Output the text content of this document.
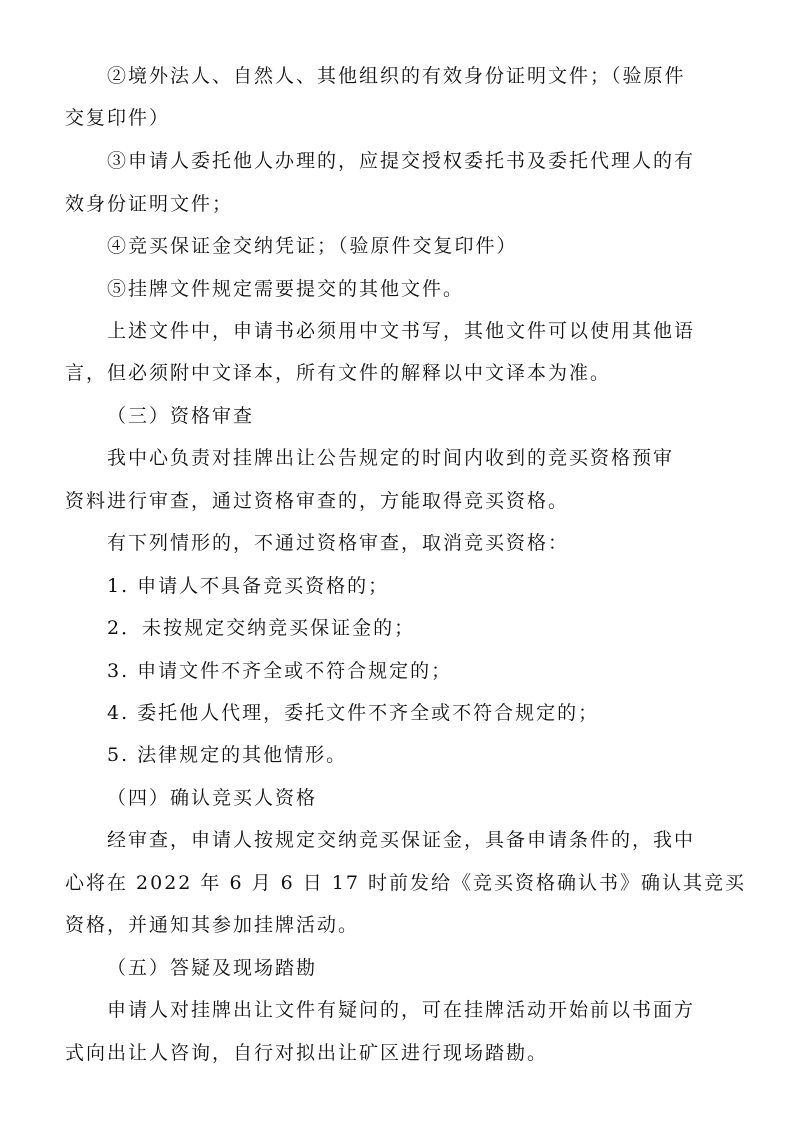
②境外法人、自然人、其他组织的有效身份证明文件；（验原件
交复印件）
③申请人委托他人办理的，应提交授权委托书及委托代理人的有
效身份证明文件；
④竞买保证金交纳凭证；（验原件交复印件）
⑤挂牌文件规定需要提交的其他文件。
上述文件中，申请书必须用中文书写，其他文件可以使用其他语
言，但必须附中文译本，所有文件的解释以中文译本为准。
（三）资格审查
我中心负责对挂牌出让公告规定的时间内收到的竞买资格预审
资料进行审查，通过资格审查的，方能取得竞买资格。
有下列情形的，不通过资格审查，取消竞买资格：
1. 申请人不具备竞买资格的；
2．未按规定交纳竞买保证金的；
3. 申请文件不齐全或不符合规定的；
4. 委托他人代理，委托文件不齐全或不符合规定的；
5. 法律规定的其他情形。
（四）确认竞买人资格
经审查，申请人按规定交纳竞买保证金，具备申请条件的，我中
心将在 2022 年 6 月 6 日 17 时前发给《竞买资格确认书》确认其竞买
资格，并通知其参加挂牌活动。
（五）答疑及现场踏勘
申请人对挂牌出让文件有疑问的，可在挂牌活动开始前以书面方
式向出让人咨询，自行对拟出让矿区进行现场踏勘。
